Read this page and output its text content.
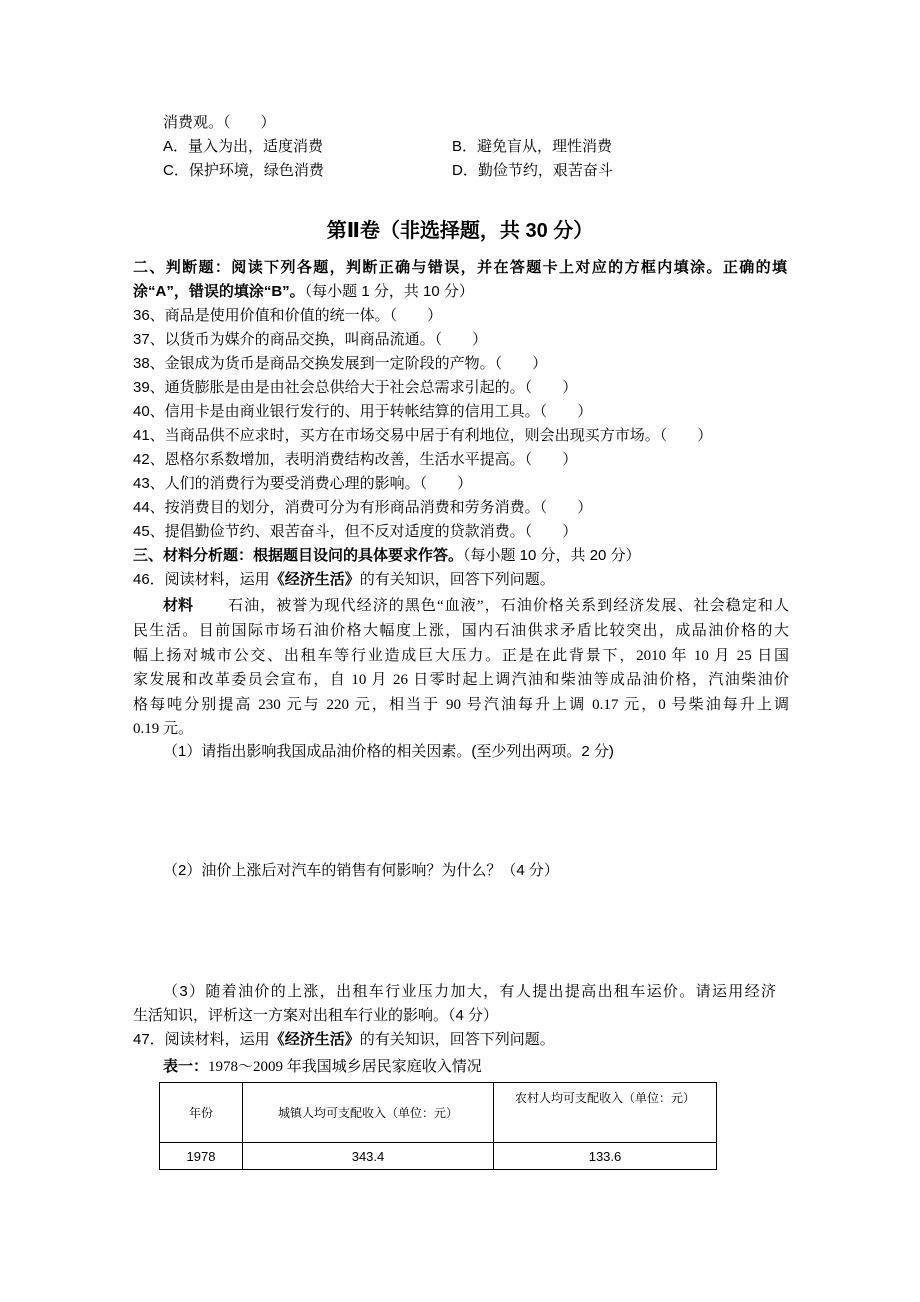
消费观。（　　）
A．量入为出，适度消费	B．避免盲从，理性消费
C．保护环境，绿色消费	D．勤俭节约，艰苦奋斗
第Ⅱ卷（非选择题，共 30 分）
二、判断题：阅读下列各题，判断正确与错误，并在答题卡上对应的方框内填涂。正确的填
涂“A”，错误的填涂“B”。（每小题 1 分，共 10 分）
36、商品是使用价值和价值的统一体。（　　）
37、以货币为媒介的商品交换，叫商品流通。（　　）
38、金银成为货币是商品交换发展到一定阶段的产物。（　　）
39、通货膨胀是由是由社会总供给大于社会总需求引起的。（　　）
40、信用卡是由商业银行发行的、用于转帐结算的信用工具。（　　）
41、当商品供不应求时，买方在市场交易中居于有利地位，则会出现买方市场。（　　）
42、恩格尔系数增加，表明消费结构改善，生活水平提高。（　　）
43、人们的消费行为要受消费心理的影响。（　　）
44、按消费目的划分，消费可分为有形商品消费和劳务消费。（　　）
45、提倡勤俭节约、艰苦奋斗，但不反对适度的贷款消费。（　　）
三、材料分析题：根据题目设问的具体要求作答。（每小题 10 分，共 20 分）
46．阅读材料，运用《经济生活》的有关知识，回答下列问题。
材料 石油，被誉为现代经济的黑色“血液”，石油价格关系到经济发展、社会稳定和人
民生活。目前国际市场石油价格大幅度上涨，国内石油供求矛盾比较突出，成品油价格的大
幅上扬对城市公交、出租车等行业造成巨大压力。正是在此背景下，2010 年 10 月 25 日国
家发展和改革委员会宣布，自 10 月 26 日零时起上调汽油和柴油等成品油价格，汽油柴油价
格每吨分别提高 230 元与 220 元，相当于 90 号汽油每升上调 0.17 元，0 号柴油每升上调
0.19 元。
（1）请指出影响我国成品油价格的相关因素。(至少列出两项。2 分)
（2）油价上涨后对汽车的销售有何影响？为什么？（4 分）
（3）随着油价的上涨，出租车行业压力加大，有人提出提高出租车运价。请运用经济
生活知识，评析这一方案对出租车行业的影响。（4 分）
47．阅读材料，运用《经济生活》的有关知识，回答下列问题。
表一：1978～2009 年我国城乡居民家庭收入情况
年份	城镇人均可支配收入（单位：元）	农村人均可支配收入（单位：元）
1978	343.4	133.6
